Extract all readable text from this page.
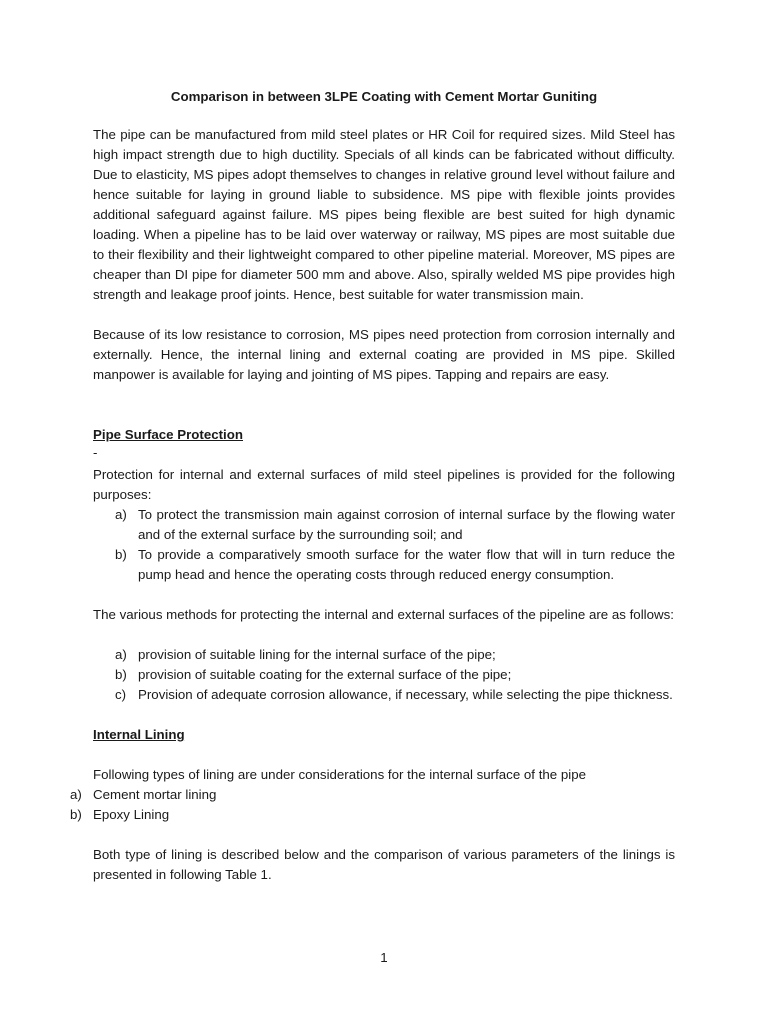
Comparison in between 3LPE Coating with Cement Mortar Guniting

The pipe can be manufactured from mild steel plates or HR Coil for required sizes. Mild Steel has high impact strength due to high ductility. Specials of all kinds can be fabricated without difficulty. Due to elasticity, MS pipes adopt themselves to changes in relative ground level without failure and hence suitable for laying in ground liable to subsidence. MS pipe with flexible joints provides additional safeguard against failure. MS pipes being flexible are best suited for high dynamic loading. When a pipeline has to be laid over waterway or railway, MS pipes are most suitable due to their flexibility and their lightweight compared to other pipeline material. Moreover, MS pipes are cheaper than DI pipe for diameter 500 mm and above. Also, spirally welded MS pipe provides high strength and leakage proof joints. Hence, best suitable for water transmission main.

Because of its low resistance to corrosion, MS pipes need protection from corrosion internally and externally. Hence, the internal lining and external coating are provided in MS pipe. Skilled manpower is available for laying and jointing of MS pipes. Tapping and repairs are easy.

Pipe Surface Protection
-

Protection for internal and external surfaces of mild steel pipelines is provided for the following purposes:

a) To protect the transmission main against corrosion of internal surface by the flowing water and of the external surface by the surrounding soil; and
b) To provide a comparatively smooth surface for the water flow that will in turn reduce the pump head and hence the operating costs through reduced energy consumption.

The various methods for protecting the internal and external surfaces of the pipeline are as follows:

a) provision of suitable lining for the internal surface of the pipe;
b) provision of suitable coating for the external surface of the pipe;
c) Provision of adequate corrosion allowance, if necessary, while selecting the pipe thickness.
Internal Lining

Following types of lining are under considerations for the internal surface of the pipe

a) Cement mortar lining
b) Epoxy Lining

Both type of lining is described below and the comparison of various parameters of the linings is presented in following Table 1.

1
